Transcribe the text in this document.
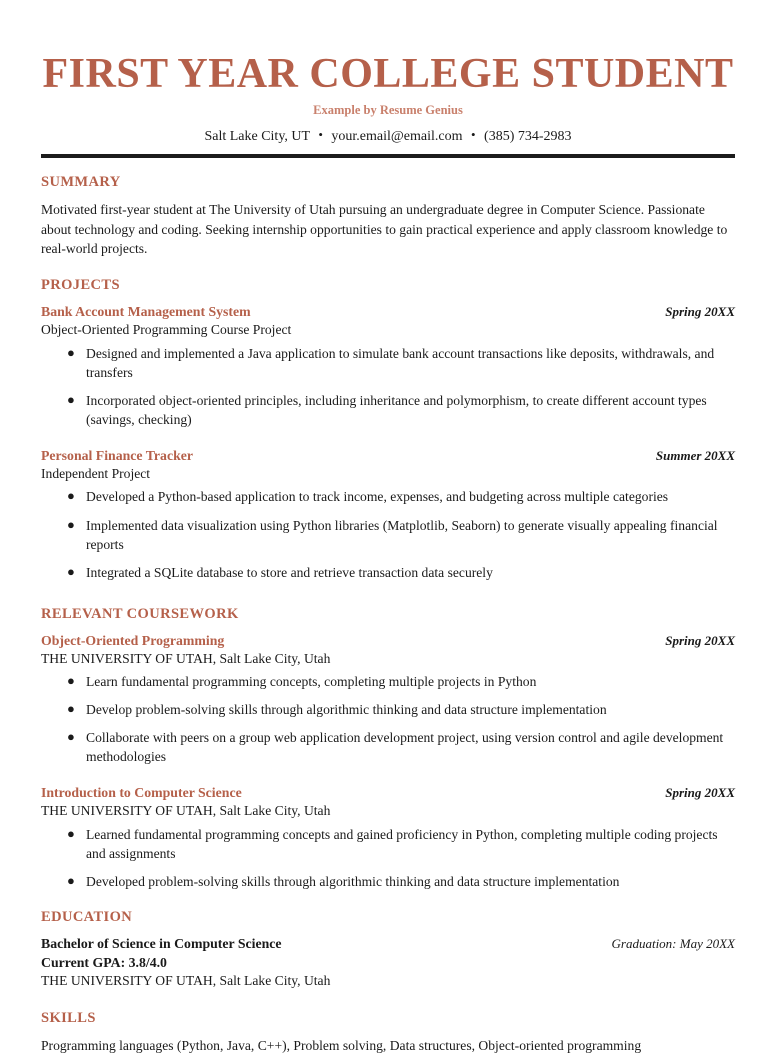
FIRST YEAR COLLEGE STUDENT
Example by Resume Genius
Salt Lake City, UT • your.email@email.com • (385) 734-2983
SUMMARY

Motivated first-year student at The University of Utah pursuing an undergraduate degree in Computer Science. Passionate about technology and coding. Seeking internship opportunities to gain practical experience and apply classroom knowledge to real-world projects.

PROJECTS
Bank Account Management System	Spring 20XX

Object-Oriented Programming Course Project

● Designed and implemented a Java application to simulate bank account transactions like deposits, withdrawals, and transfers
● Incorporated object-oriented principles, including inheritance and polymorphism, to create different account types (savings, checking)
Personal Finance Tracker	Summer 20XX

Independent Project

● Developed a Python-based application to track income, expenses, and budgeting across multiple categories
● Implemented data visualization using Python libraries (Matplotlib, Seaborn) to generate visually appealing financial reports
● Integrated a SQLite database to store and retrieve transaction data securely
RELEVANT COURSEWORK
Object-Oriented Programming	Spring 20XX

THE UNIVERSITY OF UTAH, Salt Lake City, Utah

● Learn fundamental programming concepts, completing multiple projects in Python
● Develop problem-solving skills through algorithmic thinking and data structure implementation
● Collaborate with peers on a group web application development project, using version control and agile development methodologies
Introduction to Computer Science	Spring 20XX

THE UNIVERSITY OF UTAH, Salt Lake City, Utah

● Learned fundamental programming concepts and gained proficiency in Python, completing multiple coding projects and assignments
● Developed problem-solving skills through algorithmic thinking and data structure implementation
EDUCATION
Bachelor of Science in Computer Science	Graduation: May 20XX

Current GPA: 3.8/4.0

THE UNIVERSITY OF UTAH, Salt Lake City, Utah

SKILLS

Programming languages (Python, Java, C++), Problem solving, Data structures, Object-oriented programming
